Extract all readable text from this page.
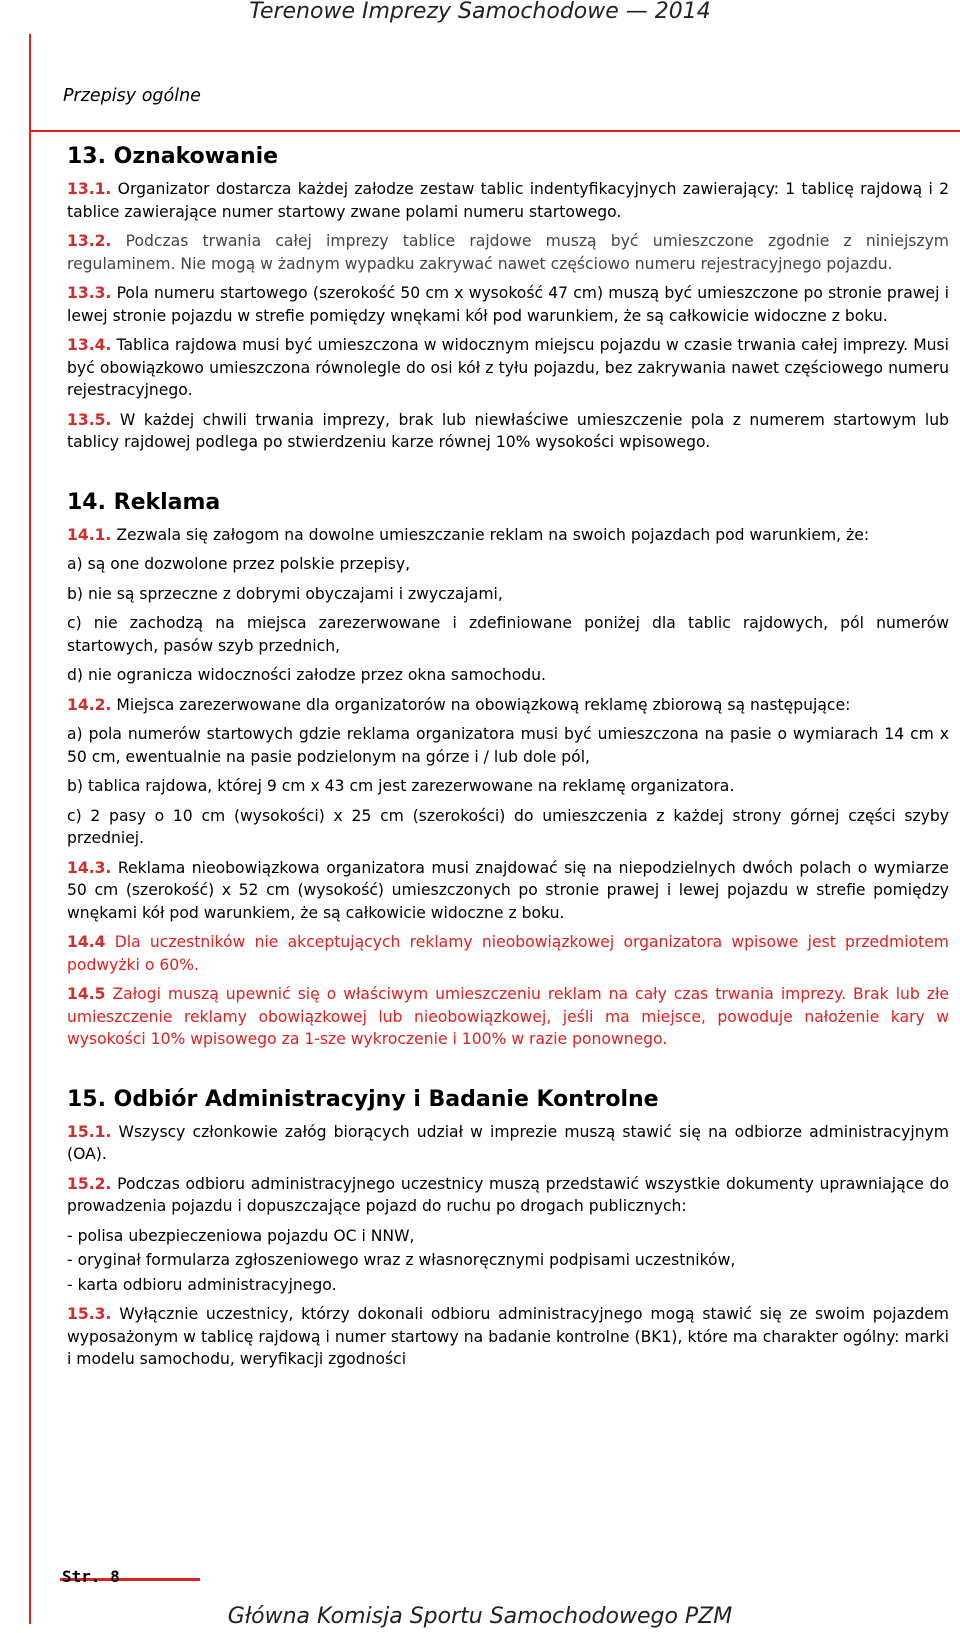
Terenowe Imprezy Samochodowe — 2014
Przepisy ogólne
13. Oznakowanie

13.1. Organizator dostarcza każdej załodze zestaw tablic indentyfikacyjnych zawierający: 1 tablicę rajdową i 2 tablice zawierające numer startowy zwane polami numeru startowego.

13.2. Podczas trwania całej imprezy tablice rajdowe muszą być umieszczone zgodnie z niniejszym regulaminem. Nie mogą w żadnym wypadku zakrywać nawet częściowo numeru rejestracyjnego pojazdu.

13.3. Pola numeru startowego (szerokość 50 cm x wysokość 47 cm) muszą być umieszczone po stronie prawej i lewej stronie pojazdu w strefie pomiędzy wnękami kół pod warunkiem, że są całkowicie widoczne z boku.

13.4. Tablica rajdowa musi być umieszczona w widocznym miejscu pojazdu w czasie trwania całej imprezy. Musi być obowiązkowo umieszczona równolegle do osi kół z tyłu pojazdu, bez zakrywania nawet częściowego numeru rejestracyjnego.

13.5. W każdej chwili trwania imprezy, brak lub niewłaściwe umieszczenie pola z numerem startowym lub tablicy rajdowej podlega po stwierdzeniu karze równej 10% wysokości wpisowego.

14. Reklama

14.1. Zezwala się załogom na dowolne umieszczanie reklam na swoich pojazdach pod warunkiem, że:

a) są one dozwolone przez polskie przepisy,

b) nie są sprzeczne z dobrymi obyczajami i zwyczajami,

c) nie zachodzą na miejsca zarezerwowane i zdefiniowane poniżej dla tablic rajdowych, pól numerów startowych, pasów szyb przednich,

d) nie ogranicza widoczności załodze przez okna samochodu.

14.2. Miejsca zarezerwowane dla organizatorów na obowiązkową reklamę zbiorową są następujące:

a) pola numerów startowych gdzie reklama organizatora musi być umieszczona na pasie o wymiarach 14 cm x 50 cm, ewentualnie na pasie podzielonym na górze i / lub dole pól,

b) tablica rajdowa, której 9 cm x 43 cm jest zarezerwowane na reklamę organizatora.

c) 2 pasy o 10 cm (wysokości) x 25 cm (szerokości) do umieszczenia z każdej strony górnej części szyby przedniej.

14.3. Reklama nieobowiązkowa organizatora musi znajdować się na niepodzielnych dwóch polach o wymiarze 50 cm (szerokość) x 52 cm (wysokość) umieszczonych po stronie prawej i lewej pojazdu w strefie pomiędzy wnękami kół pod warunkiem, że są całkowicie widoczne z boku.

14.4 Dla uczestników nie akceptujących reklamy nieobowiązkowej organizatora wpisowe jest przedmiotem podwyżki o 60%.

14.5 Załogi muszą upewnić się o właściwym umieszczeniu reklam na cały czas trwania imprezy. Brak lub złe umieszczenie reklamy obowiązkowej lub nieobowiązkowej, jeśli ma miejsce, powoduje nałożenie kary w wysokości 10% wpisowego za 1-sze wykroczenie i 100% w razie ponownego.

15. Odbiór Administracyjny i Badanie Kontrolne

15.1. Wszyscy członkowie załóg biorących udział w imprezie muszą stawić się na odbiorze administracyjnym (OA).

15.2. Podczas odbioru administracyjnego uczestnicy muszą przedstawić wszystkie dokumenty uprawniające do prowadzenia pojazdu i dopuszczające pojazd do ruchu po drogach publicznych:

- polisa ubezpieczeniowa pojazdu OC i NNW,

- oryginał formularza zgłoszeniowego wraz z własnoręcznymi podpisami uczestników,

- karta odbioru administracyjnego.

15.3. Wyłącznie uczestnicy, którzy dokonali odbioru administracyjnego mogą stawić się ze swoim pojazdem wyposażonym w tablicę rajdową i numer startowy na badanie kontrolne (BK1), które ma charakter ogólny: marki i modelu samochodu, weryfikacji zgodności

Str. 8
Główna Komisja Sportu Samochodowego PZM
